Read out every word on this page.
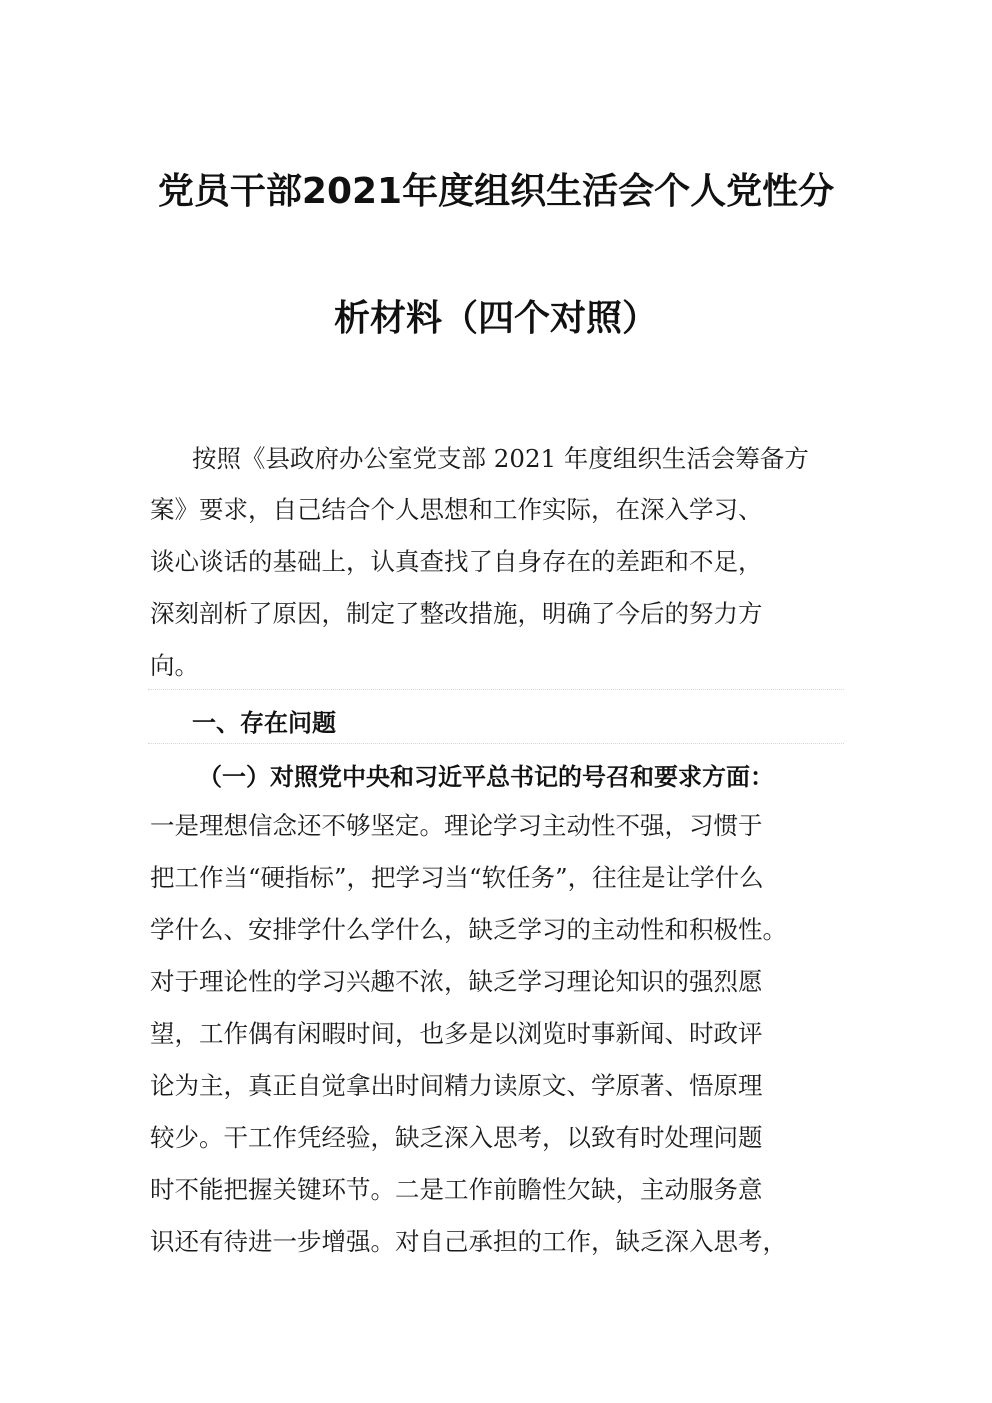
党员干部2021年度组织生活会个人党性分
析材料（四个对照）
按照《县政府办公室党支部 2021 年度组织生活会筹备方
案》要求，自己结合个人思想和工作实际，在深入学习、
谈心谈话的基础上，认真查找了自身存在的差距和不足，
深刻剖析了原因，制定了整改措施，明确了今后的努力方
向。
一、存在问题
（一）对照党中央和习近平总书记的号召和要求方面：
一是理想信念还不够坚定。理论学习主动性不强，习惯于
把工作当“硬指标”，把学习当“软任务”，往往是让学什么
学什么、安排学什么学什么，缺乏学习的主动性和积极性。
对于理论性的学习兴趣不浓，缺乏学习理论知识的强烈愿
望，工作偶有闲暇时间，也多是以浏览时事新闻、时政评
论为主，真正自觉拿出时间精力读原文、学原著、悟原理
较少。干工作凭经验，缺乏深入思考，以致有时处理问题
时不能把握关键环节。二是工作前瞻性欠缺，主动服务意
识还有待进一步增强。对自己承担的工作，缺乏深入思考，
